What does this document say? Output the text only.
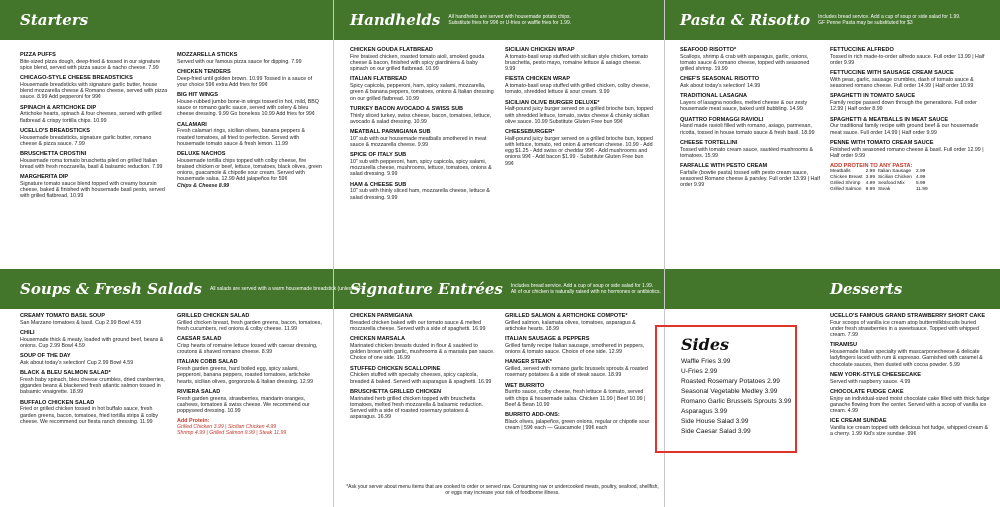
Starters	Handhelds All handhelds are served with housemade potato chips.
Substitute fries for 99¢ or U-fries or waffle fries for 1.99.	Pasta & Risotto Includes bread service. Add a cup of soup or side salad for 1.99.
GF Penne Pasta may be substituted for $3
Soups & Fresh Salads All salads are served with a warm housemade breadstick (unless GF).
Signature Entrées Includes bread service. Add a cup of soup or side salad for 1.99.
All of our chicken is naturally raised with no hormones or antibiotics.	Desserts
PIZZA PUFFS
Bite-sized pizza dough, deep-fried & tossed in our signature spice blend, served with pizza sauce & nacho cheese. 7.99
CHICAGO-STYLE CHEESE BREADSTICKS
Housemade breadsticks with signature garlic butter, house blend mozzarella cheese & Romano cheese, served with pizza sauce. 8.99 Add pepperoni for 99¢
SPINACH & ARTICHOKE DIP
Artichoke hearts, spinach & four cheeses, served with grilled flatbread & crispy tortilla chips. 10.99
UCELLO'S BREADSTICKS
Housemade breadsticks, signature garlic butter, romano cheese & pizza sauce. 7.99
BRUSCHETTA CROSTINI
Housemade roma tomato bruschetta piled on grilled Italian bread with fresh mozzarella, basil & balsamic reduction. 7.99
MARGHERITA DIP
Signature tomato sauce blend topped with creamy boursin cheese, baked & finished with housemade basil pesto, served with grilled flatbread. 10.99
MOZZARELLA STICKS
Served with our famous pizza sauce for dipping. 7.99
CHICKEN TENDERS
Deep-fried until golden brown. 10.99 Tossed in a sauce of your choice 59¢ extra Add fries for 99¢
BIG HIT WINGS
House-rubbed jumbo bone-in wings tossed in hot, mild, BBQ sauce or romano garlic sauce, served with celery & bleu cheese dressing. 9.99 Go boneless 10.99 Add fries for 99¢
CALAMARI
Fresh calamari rings, sicilian olives, banana peppers & roasted tomatoes, all fried to perfection. Served with housemade tomato sauce & fresh lemon. 11.99
DELUXE NACHOS
Housemade tortilla chips topped with colby cheese, fire braised chicken or beef, lettuce, tomatoes, black olives, green onions, guacamole & chipotle sour cream. Served with housemade salsa. 12.99 Add jalapeños for 59¢
Chips & Cheese 8.99
CHICKEN GOUDA FLATBREAD
Fire braised chicken, roasted tomato aioli, smoked gouda cheese & bacon, finished with spicy giardiniera & baby spinach on our grilled flatbread. 10.99
ITALIAN FLATBREAD
Spicy capicola, pepperoni, ham, spicy salami, mozzarella, green & banana peppers, tomatoes, onions & Italian dressing on our grilled flatbread. 10.99
TURKEY BACON AVOCADO & SWISS SUB
Thinly sliced turkey, swiss cheese, bacon, tomatoes, lettuce, avocado & salad dressing. 10.99
MEATBALL PARMIGIANA SUB
10" sub with our housemade meatballs smothered in meat sauce & mozzarella cheese. 9.99
SPICE OF ITALY SUB
10" sub with pepperoni, ham, spicy capicola, spicy salami, mozzarella cheese, mushrooms, lettuce, tomatoes, onions & salad dressing. 9.99
HAM & CHEESE SUB
10" sub with thinly sliced ham, mozzarella cheese, lettuce & salad dressing. 9.99
SICILIAN CHICKEN WRAP
A tomato-basil wrap stuffed with sicilian style chicken, tomato bruschetta, pesto mayo, romaine lettuce & asiago cheese. 9.99
FIESTA CHICKEN WRAP
A tomato-basil wrap stuffed with grilled chicken, colby cheese, tomato, shredded lettuce & sour cream. 9.99
SICILIAN OLIVE BURGER DELUXE*
Half-pound juicy burger served on a grilled brioche bun, topped with shredded lettuce, tomato, swiss cheese & chunky sicilian olive sauce. 10.99 Substitute Gluten Free bun 99¢
CHEESEBURGER*
Half-pound juicy burger served on a grilled brioche bun, topped with lettuce, tomato, red onion & american cheese. 10.99 - Add egg $1.25 - Add swiss or cheddar 99¢ - Add mushrooms and onions 99¢ - Add bacon $1.99 - Substitute Gluten Free bun 99¢
SEAFOOD RISOTTO*
Scallops, shrimp & crab with asparagus, garlic, onions, tomato sauce & romano cheese, topped with seasoned grilled shrimp. 19.99
CHEF'S SEASONAL RISOTTO
Ask about today's selection! 14.99
TRADITIONAL LASAGNA
Layers of lasagna noodles, melted cheese & our zesty housemade meat sauce, baked until bubbling. 14.99
QUATTRO FORMAGGI RAVIOLI
Hand made ravioli filled with romano, asiago, parmesan, ricotta, tossed in house tomato sauce & fresh basil. 18.99
CHEESE TORTELLINI
Tossed with tomato cream sauce, sautéed mushrooms & tomatoes. 15.99
FARFALLE WITH PESTO CREAM
Farfalle (bowtie pasta) tossed with pesto cream sauce, seasoned Romano cheese & parsley. Full order 13.99 | Half order 9.99
FETTUCCINE ALFREDO
Tossed in rich made-to-order alfredo sauce. Full order 13.99 | Half order 9.99
FETTUCCINE WITH SAUSAGE CREAM SAUCE
With peas, garlic, sausage crumbles, dash of tomato sauce & seasoned romano cheese. Full order 14.99 | Half order 10.99
SPAGHETTI IN TOMATO SAUCE
Family recipe passed down through the generations. Full order 12.99 | Half order 8.99
SPAGHETTI & MEATBALLS IN MEAT SAUCE
Our traditional family recipe with ground beef & our housemade meat sauce. Full order 14.99 | Half order 9.99
PENNE WITH TOMATO CREAM SAUCE
Finished with seasoned romano cheese & basil. Full order 12.99 | Half order 9.99
ADD PROTEIN TO ANY PASTA:
Meatballs	2.99 Italian Sausage	2.99
Chicken Breast 3.99 Sicilian Chicken 4.99
Grilled Shrimp	4.99 Seafood Mix	5.99
Grilled Salmon 9.99 Steak	11.99
CREAMY TOMATO BASIL SOUP
San Marzano tomatoes & basil. Cup 2.99 Bowl 4.59
CHILI
Housemade thick & meaty, loaded with ground beef, beans & onions. Cup 2.99 Bowl 4.59
SOUP OF THE DAY
Ask about today's selection! Cup 2.99 Bowl 4.59
BLACK & BLEU SALMON SALAD*
Fresh baby spinach, bleu cheese crumbles, dried cranberries, gigandes beans & blackened fresh atlantic salmon tossed in balsamic vinaigrette. 18.99
BUFFALO CHICKEN SALAD
Fried or grilled chicken tossed in hot buffalo sauce, fresh garden greens, bacon, tomatoes, fried tortilla strips & colby cheese. We recommend our fiesta ranch dressing. 11.99
GRILLED CHICKEN SALAD
Grilled chicken breast, fresh garden greens, bacon, tomatoes, fresh cucumbers, red onions & colby cheese. 11.99
CAESAR SALAD
Crisp hearts of romaine lettuce tossed with caesar dressing, croutons & shaved romano cheese. 8.99
ITALIAN COBB SALAD
Fresh garden greens, hard boiled egg, spicy salami, pepperoni, banana peppers, roasted tomatoes, artichoke hearts, sicilian olives, gorgonzola & Italian dressing. 12.99
RIVIERA SALAD
Fresh garden greens, strawberries, mandarin oranges, cashews, tomatoes & swiss cheese. We recommend our poppyseed dressing. 10.99
Add Protein:
Grilled Chicken 3.99 | Sicilian Chicken 4.99
Shrimp 4.99 | Grilled Salmon 9.99 | Steak 11.99
CHICKEN PARMIGIANA
Breaded chicken baked with our tomato sauce & melted mozzarella cheese. Served with a side of spaghetti. 16.99
CHICKEN MARSALA
Marinated chicken breasts dusted in flour & sautéed to golden brown with garlic, mushrooms & a marsala pan sauce. Choice of one side. 16.99
STUFFED CHICKEN SCALLOPINE
Chicken stuffed with specialty cheeses, spicy capicola, breaded & baked. Served with asparagus & spaghetti. 16.99
BRUSCHETTA GRILLED CHICKEN
Marinated herb grilled chicken topped with bruschetta tomatoes, melted fresh mozzarella & balsamic reduction. Served with a side of roasted rosemary potatoes & asparagus. 16.99
GRILLED SALMON & ARTICHOKE COMPOTE*
Grilled salmon, kalamata olives, tomatoes, asparagus & artichoke hearts. 18.99
ITALIAN SAUSAGE & PEPPERS
Grilled family recipe Italian sausage, smothered in peppers, onions & tomato sauce. Choice of one side. 12.99
HANGER STEAK*
Grilled, served with romano garlic brussels sprouts & roasted rosemary potatoes & a side of steak sauce. 18.99
WET BURRITO
Burrito sauce, colby cheese, fresh lettuce & tomato, served with chips & housemade salsa. Chicken 11.99 | Beef 10.99 | Beef & Bean 10.99
BURRITO ADD-ONS:
Black olives, jalapeños, green onions, regular or chipotle sour cream | 59¢ each — Guacamole | 99¢ each
UCELLO'S FAMOUS GRAND STRAWBERRY SHORT CAKE
Four scoops of vanilla ice cream atop buttermilkbiscuits buried under fresh strawberries in a sweetsauce. Topped with whipped cream. 7.99
TIRAMISU
Housemade Italian specialty with mascarponecheese & delicate ladyfingers laced with rum & espresso. Garnished with caramel & chocolate sauces, then dusted with cocoa powder. 5.99
NEW YORK-STYLE CHEESECAKE
Served with raspberry sauce. 4.99
CHOCOLATE FUDGE CAKE
Enjoy an individual-sized moist chocolate cake filled with thick fudge ganache flowing from the center. Served with a scoop of vanilla ice cream. 4.99
ICE CREAM SUNDAE
Vanilla ice cream topped with delicious hot fudge, whipped cream & a cherry. 1.99 Kid's size sundae .99¢
Sides
Waffle Fries 3.99
U-Fries 2.99
Roasted Rosemary Potatoes 2.99
Seasonal Vegetable Medley 3.99
Romano Garlic Brussels Sprouts 3.99
Asparagus 3.99
Side House Salad 3.99
Side Caesar Salad 3.99
*Ask your server about menu items that are cooked to order or served raw. Consuming raw or undercooked meats, poultry, seafood, shellfish, or eggs may increase your risk of foodborne illness.
